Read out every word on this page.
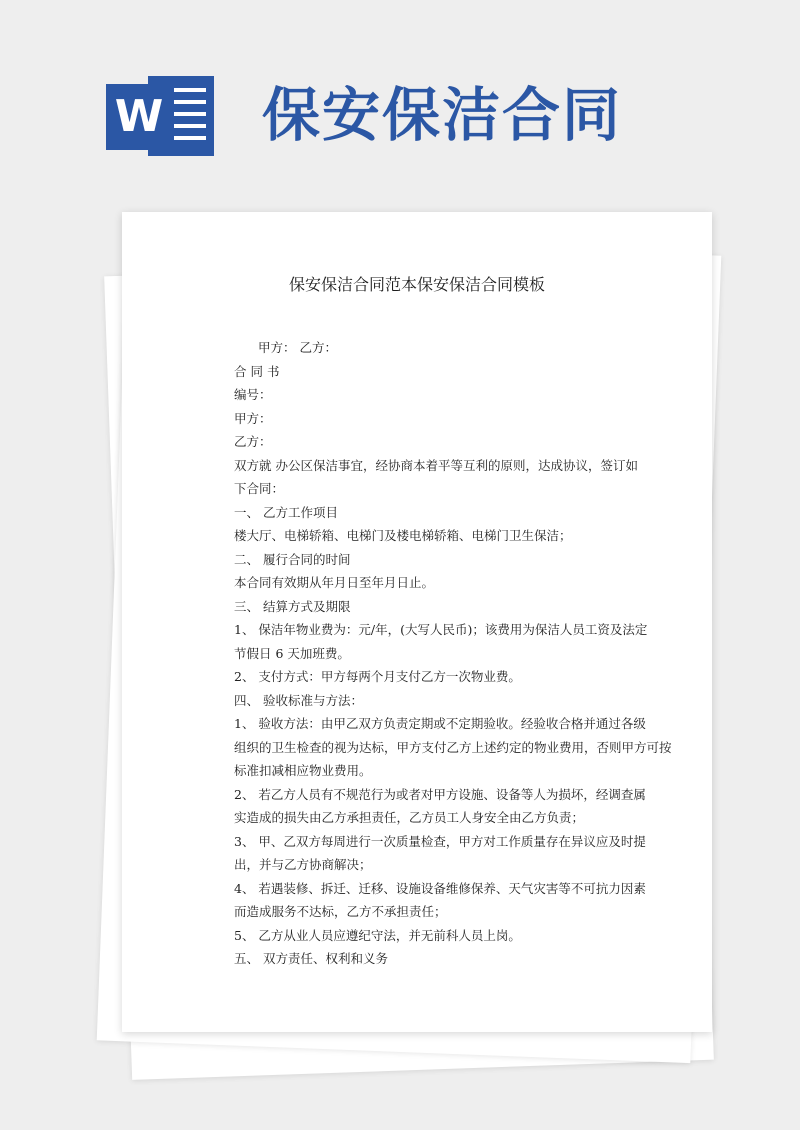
W 保安保洁合同
保安保洁合同范本保安保洁合同模板
甲方： 乙方：
合 同 书
编号：
甲方：
乙方：
双方就 办公区保洁事宜，经协商本着平等互利的原则，达成协议，签订如
下合同：
一、 乙方工作项目
楼大厅、电梯轿箱、电梯门及楼电梯轿箱、电梯门卫生保洁；
二、 履行合同的时间
本合同有效期从年月日至年月日止。
三、 结算方式及期限
1、 保洁年物业费为：元/年，(大写人民币)；该费用为保洁人员工资及法定
节假日 6 天加班费。
2、 支付方式：甲方每两个月支付乙方一次物业费。
四、 验收标准与方法：
1、 验收方法：由甲乙双方负责定期或不定期验收。经验收合格并通过各级
组织的卫生检查的视为达标，甲方支付乙方上述约定的物业费用，否则甲方可按
标准扣减相应物业费用。
2、 若乙方人员有不规范行为或者对甲方设施、设备等人为损坏，经调查属
实造成的损失由乙方承担责任，乙方员工人身安全由乙方负责；
3、 甲、乙双方每周进行一次质量检查，甲方对工作质量存在异议应及时提
出，并与乙方协商解决；
4、 若遇装修、拆迁、迁移、设施设备维修保养、天气灾害等不可抗力因素
而造成服务不达标，乙方不承担责任；
5、 乙方从业人员应遵纪守法，并无前科人员上岗。
五、 双方责任、权利和义务
